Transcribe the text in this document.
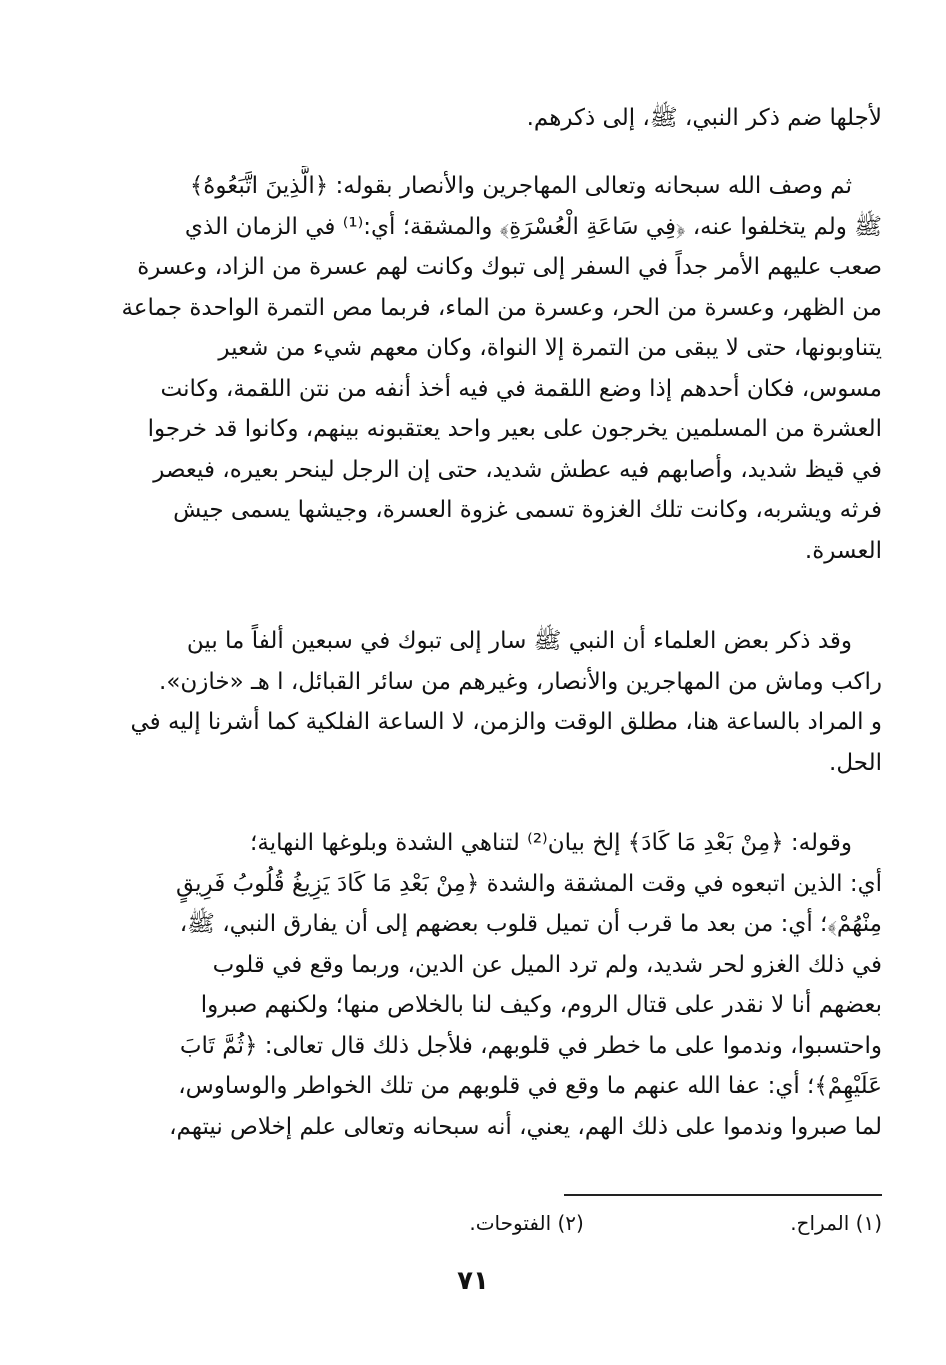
لأجلها ضم ذكر النبي، ﷺ، إلى ذكرهم.
ثم وصف الله سبحانه وتعالى المهاجرين والأنصار بقوله: ﴿الَّذِينَ اتَّبَعُوهُ﴾
ﷺ ولم يتخلفوا عنه، ﴿فِي سَاعَةِ الْعُسْرَةِ﴾ والمشقة؛ أي:⁽¹⁾ في الزمان الذي
صعب عليهم الأمر جداً في السفر إلى تبوك وكانت لهم عسرة من الزاد، وعسرة
من الظهر، وعسرة من الحر، وعسرة من الماء، فربما مص التمرة الواحدة جماعة
يتناوبونها، حتى لا يبقى من التمرة إلا النواة، وكان معهم شيء من شعير
مسوس، فكان أحدهم إذا وضع اللقمة في فيه أخذ أنفه من نتن اللقمة، وكانت
العشرة من المسلمين يخرجون على بعير واحد يعتقبونه بينهم، وكانوا قد خرجوا
في قيظ شديد، وأصابهم فيه عطش شديد، حتى إن الرجل لينحر بعيره، فيعصر
فرثه ويشربه، وكانت تلك الغزوة تسمى غزوة العسرة، وجيشها يسمى جيش
العسرة.
وقد ذكر بعض العلماء أن النبي ﷺ سار إلى تبوك في سبعين ألفاً ما بين
راكب وماش من المهاجرين والأنصار، وغيرهم من سائر القبائل، ا هـ «خازن».
و المراد بالساعة هنا، مطلق الوقت والزمن، لا الساعة الفلكية كما أشرنا إليه في
الحل.
وقوله: ﴿مِنْ بَعْدِ مَا كَادَ﴾ إلخ بيان⁽²⁾ لتناهي الشدة وبلوغها النهاية؛
أي: الذين اتبعوه في وقت المشقة والشدة ﴿مِنْ بَعْدِ مَا كَادَ يَزِيغُ قُلُوبُ فَرِيقٍ
مِنْهُمْ﴾؛ أي: من بعد ما قرب أن تميل قلوب بعضهم إلى أن يفارق النبي، ﷺ،
في ذلك الغزو لحر شديد، ولم ترد الميل عن الدين، وربما وقع في قلوب
بعضهم أنا لا نقدر على قتال الروم، وكيف لنا بالخلاص منها؛ ولكنهم صبروا
واحتسبوا، وندموا على ما خطر في قلوبهم، فلأجل ذلك قال تعالى: ﴿ثُمَّ تَابَ
عَلَيْهِمْ﴾؛ أي: عفا الله عنهم ما وقع في قلوبهم من تلك الخواطر والوساوس،
لما صبروا وندموا على ذلك الهم، يعني، أنه سبحانه وتعالى علم إخلاص نيتهم،
(١) المراح. (٢) الفتوحات.
٧١
